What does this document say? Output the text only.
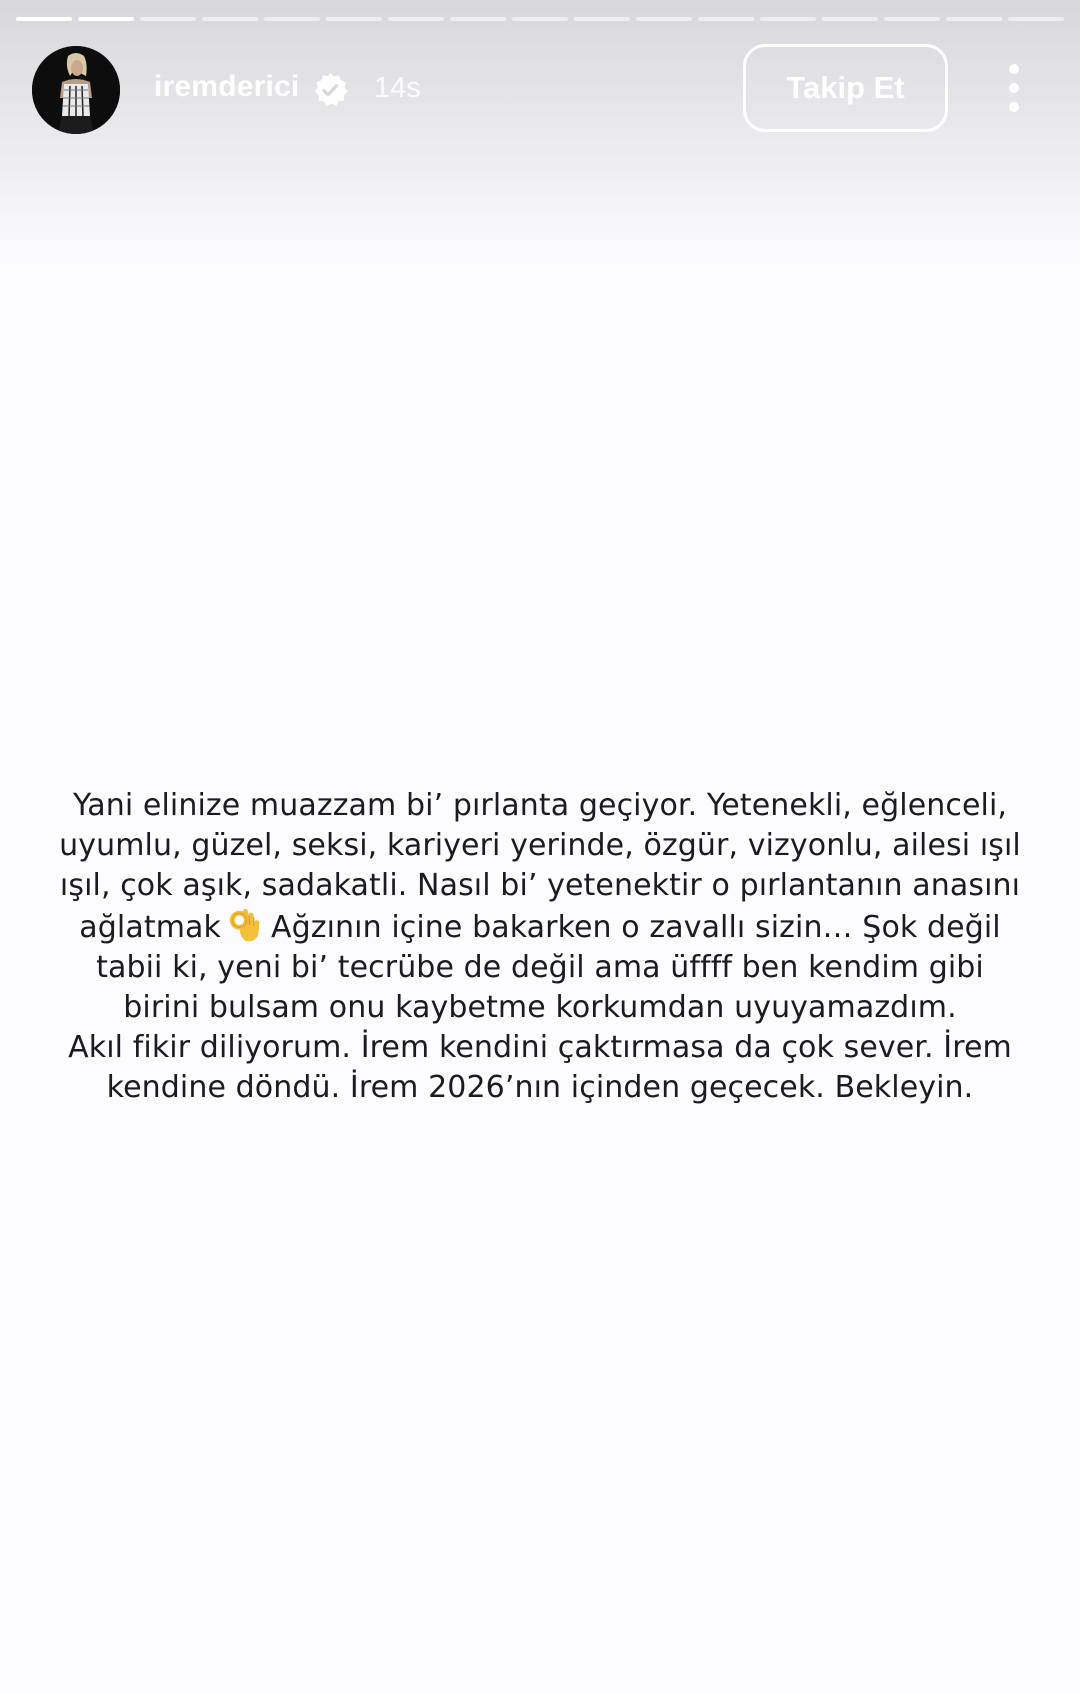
iremderici	14s	Takip Et
Yani elinize muazzam bi’ pırlanta geçiyor. Yetenekli, eğlenceli,
uyumlu, güzel, seksi, kariyeri yerinde, özgür, vizyonlu, ailesi ışıl
ışıl, çok aşık, sadakatli. Nasıl bi’ yetenektir o pırlantanın anasını
ağlatmak Ağzının içine bakarken o zavallı sizin… Şok değil
tabii ki, yeni bi’ tecrübe de değil ama üffff ben kendim gibi
birini bulsam onu kaybetme korkumdan uyuyamazdım.
Akıl fikir diliyorum. İrem kendini çaktırmasa da çok sever. İrem
kendine döndü. İrem 2026’nın içinden geçecek. Bekleyin.
